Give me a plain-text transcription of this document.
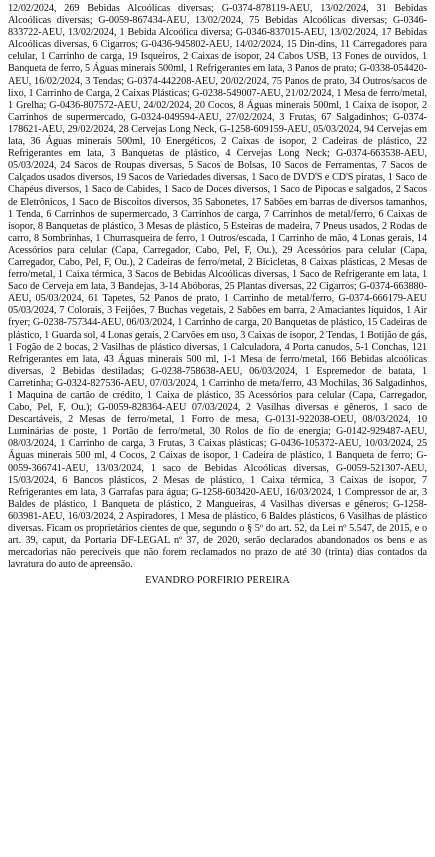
12/02/2024, 269 Bebidas Alcoólicas diversas; G-0374-878119-AEU, 13/02/2024, 31 Bebidas Alcoólicas diversas; G-0059-867434-AEU, 13/02/2024, 75 Bebidas Alcoólicas diversas; G-0346-833722-AEU, 13/02/2024, 1 Bebida Alcoólica diversa; G-0346-837015-AEU, 13/02/2024, 17 Bebidas Alcoólicas diversas, 6 Cigarros; G-0436-945802-AEU, 14/02/2024, 15 Din-dins, 11 Carregadores para celular, 1 Carrinho de carga, 19 Isqueiros, 2 Caixas de isopor, 24 Cabos USB, 13 Fones de ouvidos, 1 Banqueta de ferro, 5 Águas minerais 500ml, 1 Refrigerantes em lata, 3 Panos de prato; G-0338-054420-AEU, 16/02/2024, 3 Tendas; G-0374-442208-AEU, 20/02/2024, 75 Panos de prato, 34 Outros/sacos de lixo, 1 Carrinho de Carga, 2 Caixas Plásticas; G-0238-549007-AEU, 21/02/2024, 1 Mesa de ferro/metal, 1 Grelha; G-0436-807572-AEU, 24/02/2024, 20 Cocos, 8 Águas minerais 500ml, 1 Caixa de isopor, 2 Carrinhos de supermercado, G-0324-049594-AEU, 27/02/2024, 3 Frutas, 67 Salgadinhos; G-0374-178621-AEU, 29/02/2024, 28 Cervejas Long Neck, G-1258-609159-AEU, 05/03/2024, 94 Cervejas em lata, 36 Águas minerais 500ml, 10 Energéticos, 2 Caixas de isopor, 2 Cadeiras de plástico, 22 Refrigerantes em lata, 3 Banquetas de plástico, 4 Cervejas Long Neck; G-0374-663538-AEU, 05/03/2024, 24 Sacos de Roupas diversas, 5 Sacos de Bolsas, 10 Sacos de Ferramentas, 7 Sacos de Calçados usados diversos, 19 Sacos de Variedades diversas, 1 Saco de DVD'S e CD'S piratas, 1 Saco de Chapéus diversos, 1 Saco de Cabides, 1 Saco de Doces diversos, 1 Saco de Pipocas e salgados, 2 Sacos de Eletrônicos, 1 Saco de Biscoitos diversos, 35 Sabonetes, 17 Sabões em barras de diversos tamanhos, 1 Tenda, 6 Carrinhos de supermercado, 3 Carrinhos de carga, 7 Carrinhos de metal/ferro, 6 Caixas de isopor, 8 Banquetas de plástico, 3 Mesas de plástico, 5 Esteiras de madeira, 7 Pneus usados, 2 Rodas de carro, 8 Sombrinhas, 1 Churrasqueira de ferro, 1 Outros/escada, 1 Carrinho de mão, 4 Lonas gerais, 14 Acessórios para celular (Capa, Carregador, Cabo, Pel, F, Ou.), 29 Acessórios para celular (Capa, Carregador, Cabo, Pel, F, Ou.), 2 Cadeiras de ferro/metal, 2 Bicicletas, 8 Caixas plásticas, 2 Mesas de ferro/metal, 1 Caixa térmica, 3 Sacos de Bebidas Alcoólicas diversas, 1 Saco de Refrigerante em lata, 1 Saco de Cerveja em lata, 3 Bandejas, 3-14 Abóboras, 25 Plantas diversas, 22 Cigarros; G-0374-663880-AEU, 05/03/2024, 61 Tapetes, 52 Panos de prato, 1 Carrinho de metal/ferro, G-0374-666179-AEU 05/03/2024, 7 Colorais, 3 Feijões, 7 Buchas vegetais, 2 Sabões em barra, 2 Amaciantes líquidos, 1 Air fryer; G-0238-757344-AEU, 06/03/2024, 1 Carrinho de carga, 20 Banquetas de plástico, 15 Cadeiras de plástico, 1 Guarda sol, 4 Lonas gerais, 2 Carvões em uso, 3 Caixas de isopor, 2 Tendas, 1 Botijão de gás, 1 Fogão de 2 bocas, 2 Vasilhas de plástico diversas, 1 Calculadora, 4 Porta canudos, 5-1 Conchas, 121 Refrigerantes em lata, 43 Águas minerais 500 ml, 1-1 Mesa de ferro/metal, 166 Bebidas alcoólicas diversas, 2 Bebidas destiladas; G-0238-758638-AEU, 06/03/2024, 1 Espremedor de batata, 1 Carretinha; G-0324-827536-AEU, 07/03/2024, 1 Carrinho de meta/ferro, 43 Mochilas, 36 Salgadinhos, 1 Maquina de cartão de crédito, 1 Caixa de plástico, 35 Acessórios para celular (Capa, Carregador, Cabo, Pel, F, Ou.); G-0059-828364-AEU 07/03/2024, 2 Vasilhas diversas e gêneros, 1 saco de Descartáveis, 2 Mesas de ferro/metal, 1 Forro de mesa, G-0131-922038-OEU, 08/03/2024, 10 Luminárias de poste, 1 Portão de ferro/metal, 30 Rolos de fio de energia; G-0142-929487-AEU, 08/03/2024, 1 Carrinho de carga, 3 Frutas, 3 Caixas plásticas; G-0436-105372-AEU, 10/03/2024, 25 Águas minerais 500 ml, 4 Cocos, 2 Caixas de isopor, 1 Cadeira de plástico, 1 Banqueta de ferro; G-0059-366741-AEU, 13/03/2024, 1 saco de Bebidas Alcoólicas diversas, G-0059-521307-AEU, 15/03/2024, 6 Bancos plásticos, 2 Mesas de plástico, 1 Caixa térmica, 3 Caixas de isopor, 7 Refrigerantes em lata, 3 Garrafas para água; G-1258-603420-AEU, 16/03/2024, 1 Compressor de ar, 3 Baldes de plástico, 1 Banqueta de plástico, 2 Mangueiras, 4 Vasilhas diversas e gêneros; G-1258-603981-AEU, 16/03/2024, 2 Aspiradores, 1 Mesa de plástico, 6 Baldes plásticos, 6 Vasilhas de plástico diversas. Ficam os proprietários cientes de que, segundo o § 5º do art. 52, da Lei nº 5.547, de 2015, e o art. 39, caput, da Portaria DF-LEGAL nº 37, de 2020, serão declarados abandonados os bens e as mercadorias não perecíveis que não forem reclamados no prazo de até 30 (trinta) dias contados da lavratura do auto de apreensão.

EVANDRO PORFIRIO PEREIRA
